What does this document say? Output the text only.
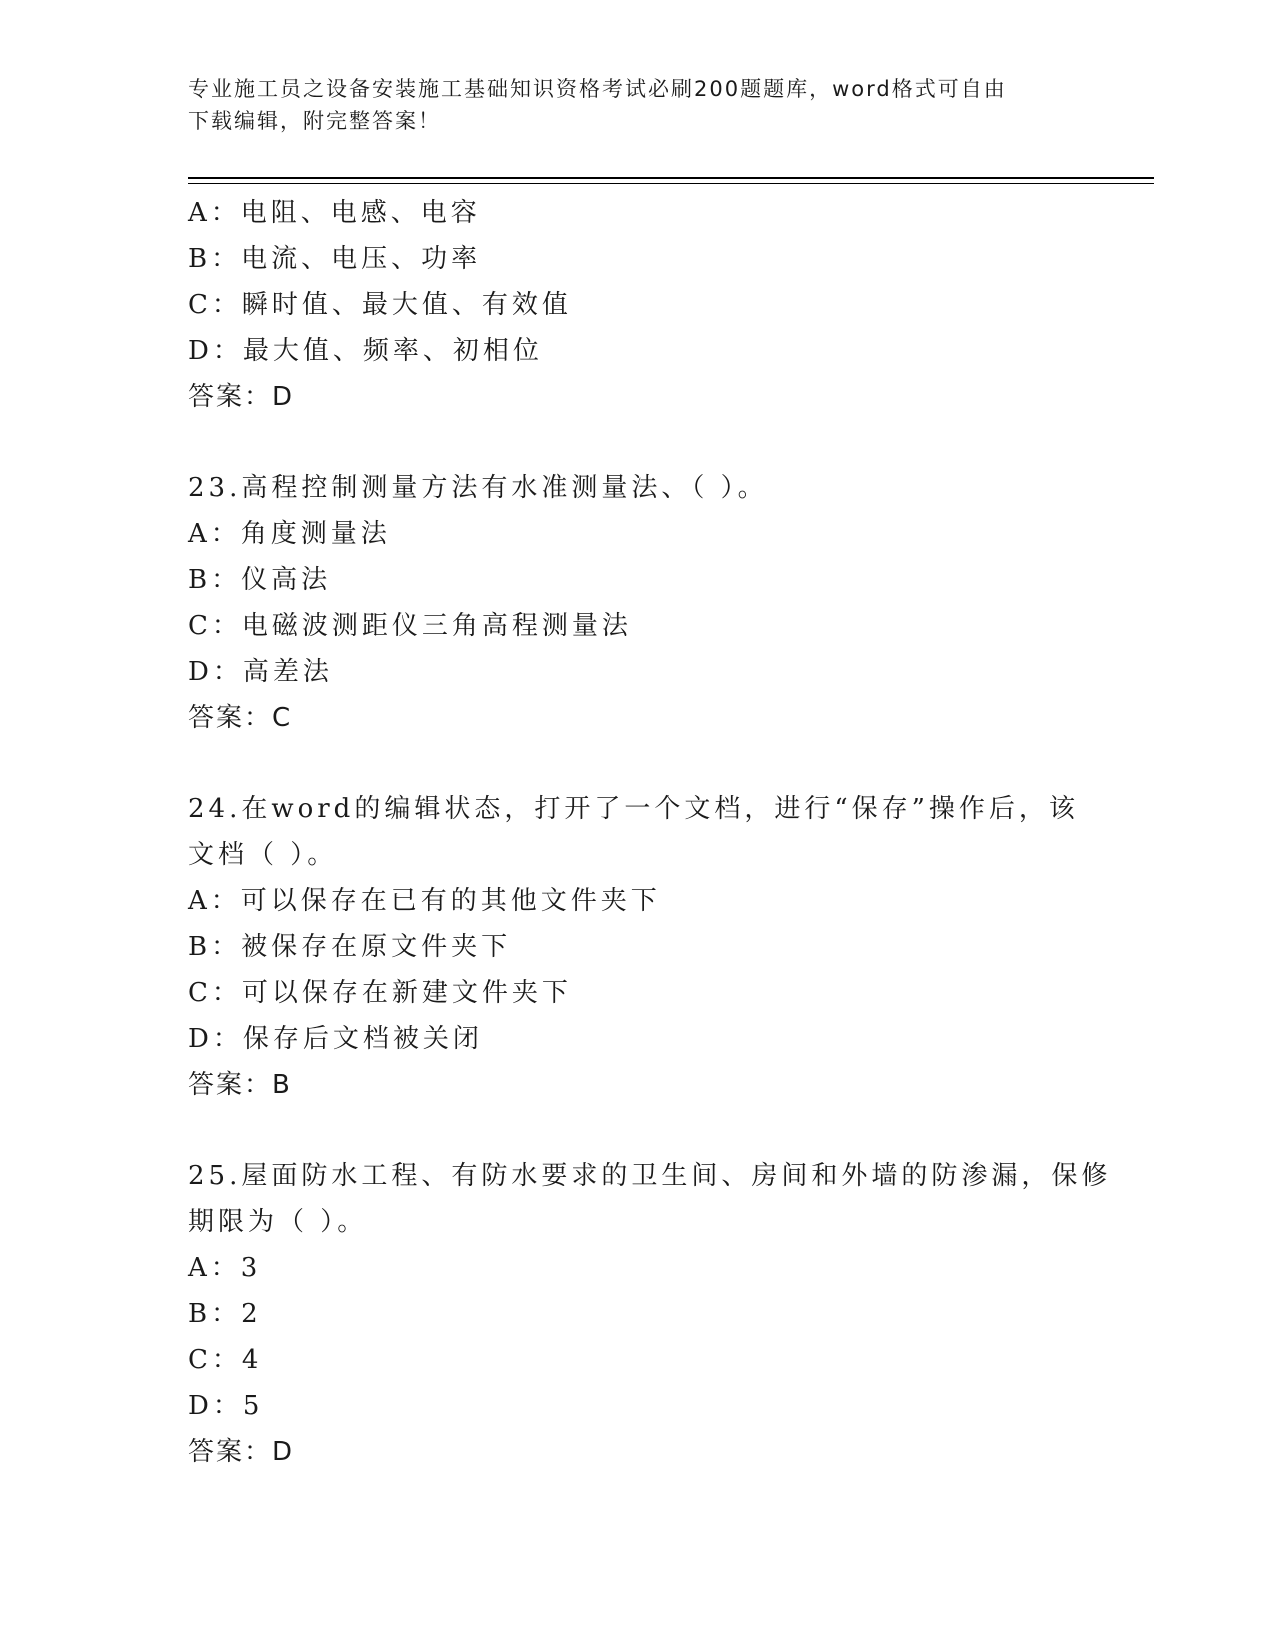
专业施工员之设备安装施工基础知识资格考试必刷200题题库，word格式可自由
下载编辑，附完整答案！
A：电阻、电感、电容
B：电流、电压、功率
C：瞬时值、最大值、有效值
D：最大值、频率、初相位
答案：D
23.高程控制测量方法有水准测量法、（ ）。
A：角度测量法
B：仪高法
C：电磁波测距仪三角高程测量法
D：高差法
答案：C
24.在word的编辑状态，打开了一个文档，进行“保存”操作后，该
文档（ ）。
A：可以保存在已有的其他文件夹下
B：被保存在原文件夹下
C：可以保存在新建文件夹下
D：保存后文档被关闭
答案：B
25.屋面防水工程、有防水要求的卫生间、房间和外墙的防渗漏，保修
期限为（ ）。
A：3
B：2
C：4
D：5
答案：D
